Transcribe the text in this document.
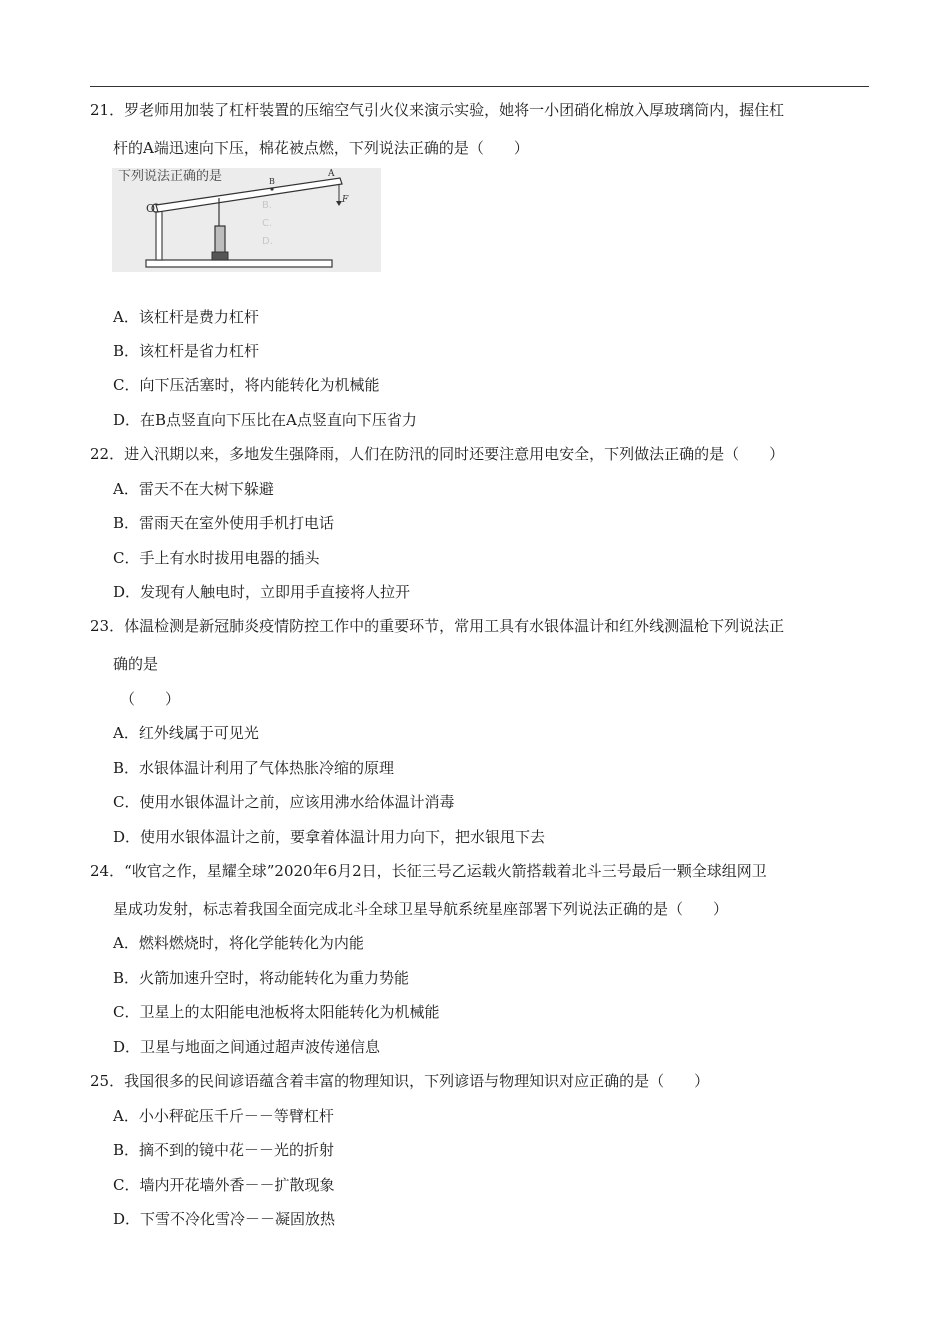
21．罗老师用加装了杠杆装置的压缩空气引火仪来演示实验，她将一小团硝化棉放入厚玻璃筒内，握住杠
杆的A端迅速向下压，棉花被点燃，下列说法正确的是（　　）
下列说法正确的是
B.
C.
D.
O
B
A
F
A．该杠杆是费力杠杆
B．该杠杆是省力杠杆
C．向下压活塞时，将内能转化为机械能
D．在B点竖直向下压比在A点竖直向下压省力
22．进入汛期以来，多地发生强降雨，人们在防汛的同时还要注意用电安全，下列做法正确的是（　　）
A．雷天不在大树下躲避
B．雷雨天在室外使用手机打电话
C．手上有水时拔用电器的插头
D．发现有人触电时，立即用手直接将人拉开
23．体温检测是新冠肺炎疫情防控工作中的重要环节，常用工具有水银体温计和红外线测温枪下列说法正
确的是
（　　）
A．红外线属于可见光
B．水银体温计利用了气体热胀冷缩的原理
C．使用水银体温计之前，应该用沸水给体温计消毒
D．使用水银体温计之前，要拿着体温计用力向下，把水银甩下去
24．“收官之作，星耀全球”2020年6月2日，长征三号乙运载火箭搭载着北斗三号最后一颗全球组网卫
星成功发射，标志着我国全面完成北斗全球卫星导航系统星座部署下列说法正确的是（　　）
A．燃料燃烧时，将化学能转化为内能
B．火箭加速升空时，将动能转化为重力势能
C．卫星上的太阳能电池板将太阳能转化为机械能
D．卫星与地面之间通过超声波传递信息
25．我国很多的民间谚语蕴含着丰富的物理知识，下列谚语与物理知识对应正确的是（　　）
A．小小秤砣压千斤－－等臂杠杆
B．摘不到的镜中花－－光的折射
C．墙内开花墙外香－－扩散现象
D．下雪不冷化雪冷－－凝固放热
